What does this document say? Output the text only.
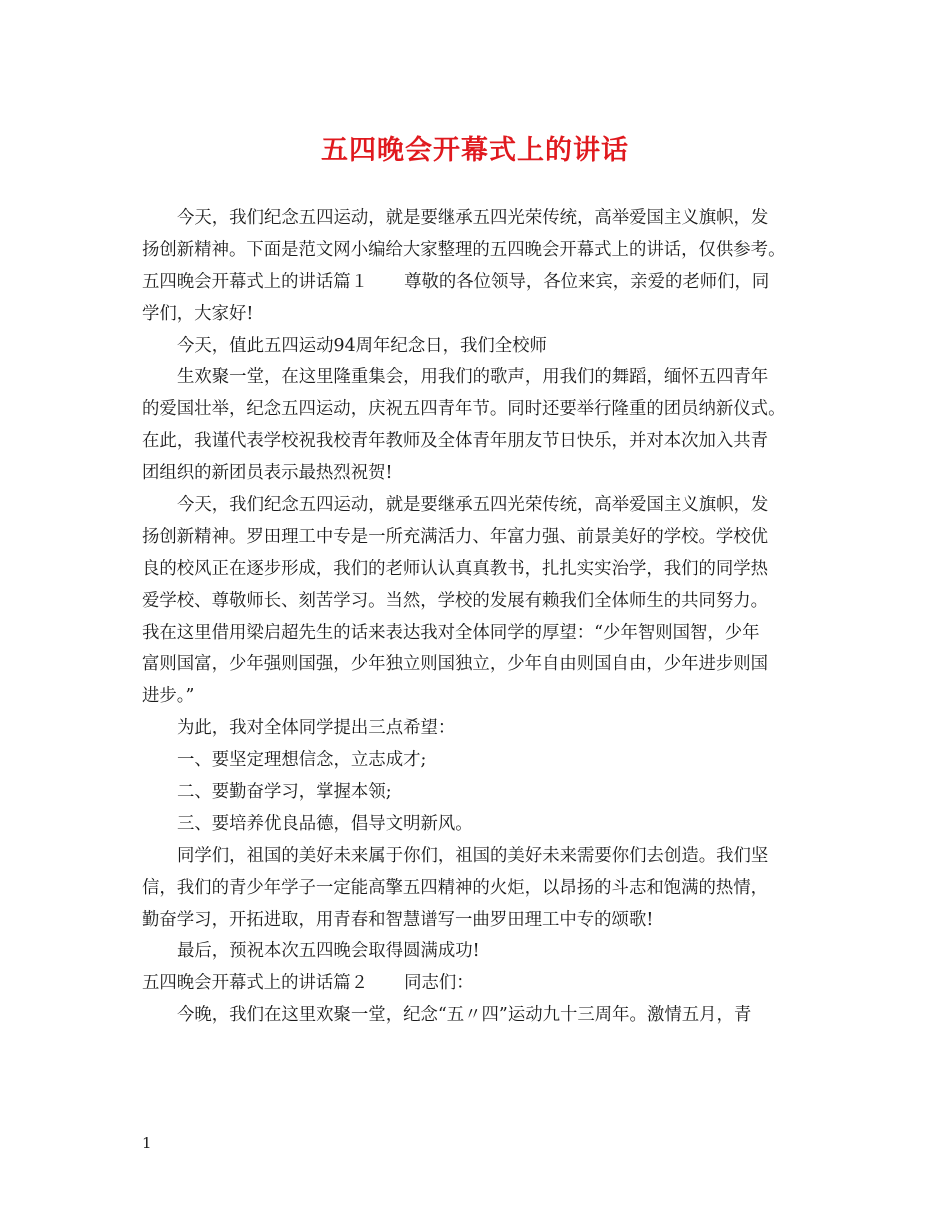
五四晚会开幕式上的讲话
今天，我们纪念五四运动，就是要继承五四光荣传统，高举爱国主义旗帜，发
扬创新精神。下面是范文网小编给大家整理的五四晚会开幕式上的讲话，仅供参考。
五四晚会开幕式上的讲话篇１ 尊敬的各位领导，各位来宾，亲爱的老师们，同
学们，大家好!
今天，值此五四运动94周年纪念日，我们全校师
生欢聚一堂，在这里隆重集会，用我们的歌声，用我们的舞蹈，缅怀五四青年
的爱国壮举，纪念五四运动，庆祝五四青年节。同时还要举行隆重的团员纳新仪式。
在此，我谨代表学校祝我校青年教师及全体青年朋友节日快乐，并对本次加入共青
团组织的新团员表示最热烈祝贺!
今天，我们纪念五四运动，就是要继承五四光荣传统，高举爱国主义旗帜，发
扬创新精神。罗田理工中专是一所充满活力、年富力强、前景美好的学校。学校优
良的校风正在逐步形成，我们的老师认认真真教书，扎扎实实治学，我们的同学热
爱学校、尊敬师长、刻苦学习。当然，学校的发展有赖我们全体师生的共同努力。
我在这里借用梁启超先生的话来表达我对全体同学的厚望：“少年智则国智，少年
富则国富，少年强则国强，少年独立则国独立，少年自由则国自由，少年进步则国
进步。”
为此，我对全体同学提出三点希望：
一、要坚定理想信念，立志成才;
二、要勤奋学习，掌握本领;
三、要培养优良品德，倡导文明新风。
同学们，祖国的美好未来属于你们，祖国的美好未来需要你们去创造。我们坚
信，我们的青少年学子一定能高擎五四精神的火炬，以昂扬的斗志和饱满的热情，
勤奋学习，开拓进取，用青春和智慧谱写一曲罗田理工中专的颂歌!
最后，预祝本次五四晚会取得圆满成功!
五四晚会开幕式上的讲话篇２ 同志们：
今晚，我们在这里欢聚一堂，纪念“五〃四”运动九十三周年。激情五月，青
1
